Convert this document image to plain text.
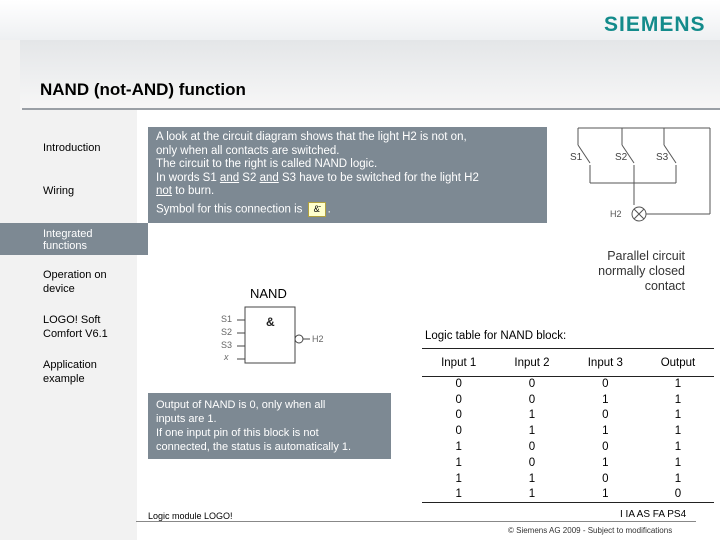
SIEMENS
NAND (not-AND) function
Introduction
Wiring
Integrated functions
Operation on device
LOGO! Soft Comfort V6.1
Application example
A look at the circuit diagram shows that the light H2 is not on,
only when all contacts are switched.
The circuit to the right is called NAND logic.
In words S1 and S2 and S3 have to be switched for the light H2
not to burn.
Symbol for this connection is &̄ .
S1	S2	S3
H2
Parallel circuit normally closed contact
NAND
S1
S2
S3
x
&
H2
Output of NAND is 0, only when all
inputs are 1.
If one input pin of this block is not
connected, the status is automatically 1.
Logic table for NAND block:
Input 1	Input 2	Input 3	Output
0	0	0	1
0	0	1	1
0	1	0	1
0	1	1	1
1	0	0	1
1	0	1	1
1	1	0	1
1	1	1	0
Logic module LOGO!	I IA AS FA PS4
© Siemens AG 2009 - Subject to modifications
